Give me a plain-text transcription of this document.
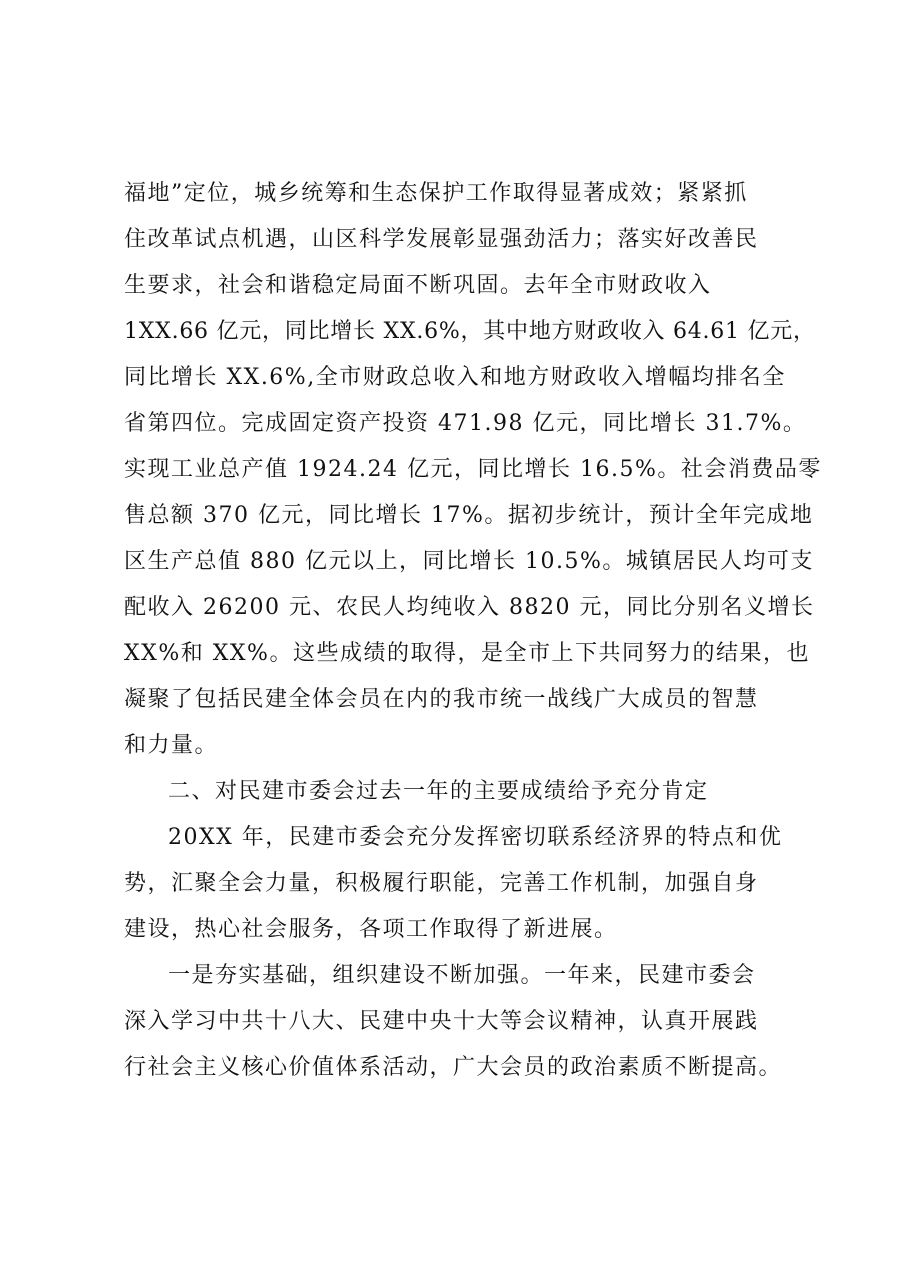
福地”定位，城乡统筹和生态保护工作取得显著成效；紧紧抓
住改革试点机遇，山区科学发展彰显强劲活力；落实好改善民
生要求，社会和谐稳定局面不断巩固。去年全市财政收入
1XX.66 亿元，同比增长 XX.6%，其中地方财政收入 64.61 亿元，
同比增长 XX.6%,全市财政总收入和地方财政收入增幅均排名全
省第四位。完成固定资产投资 471.98 亿元，同比增长 31.7%。
实现工业总产值 1924.24 亿元，同比增长 16.5%。社会消费品零
售总额 370 亿元，同比增长 17%。据初步统计，预计全年完成地
区生产总值 880 亿元以上，同比增长 10.5%。城镇居民人均可支
配收入 26200 元、农民人均纯收入 8820 元，同比分别名义增长
XX%和 XX%。这些成绩的取得，是全市上下共同努力的结果，也
凝聚了包括民建全体会员在内的我市统一战线广大成员的智慧
和力量。
二、对民建市委会过去一年的主要成绩给予充分肯定
20XX 年，民建市委会充分发挥密切联系经济界的特点和优
势，汇聚全会力量，积极履行职能，完善工作机制，加强自身
建设，热心社会服务，各项工作取得了新进展。
一是夯实基础，组织建设不断加强。一年来，民建市委会
深入学习中共十八大、民建中央十大等会议精神，认真开展践
行社会主义核心价值体系活动，广大会员的政治素质不断提高。
